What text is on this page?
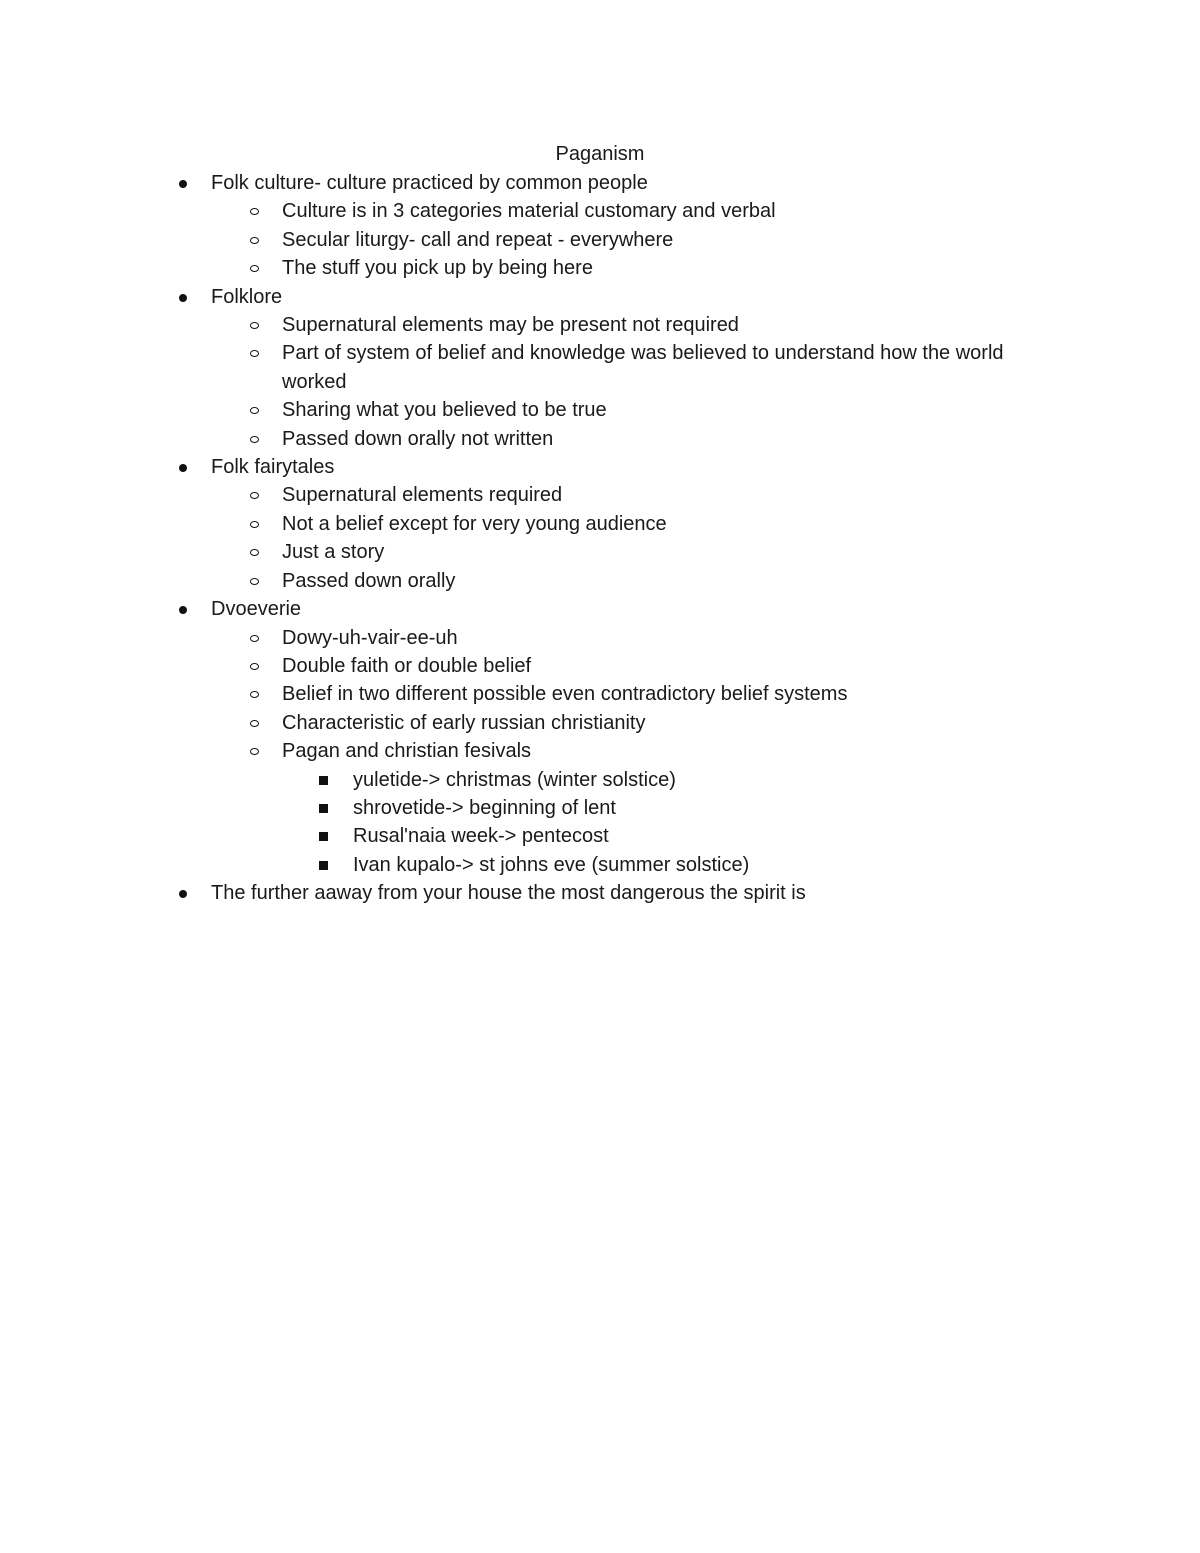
Paganism
Folk culture- culture practiced by common people
Culture is in 3 categories material customary and verbal
Secular liturgy- call and repeat - everywhere
The stuff you pick up by being here
Folklore
Supernatural elements may be present not required
Part of system of belief and knowledge was believed to understand how the world worked
Sharing what you believed to be true
Passed down orally not written
Folk fairytales
Supernatural elements required
Not a belief except for very young audience
Just a story
Passed down orally
Dvoeverie
Dowy-uh-vair-ee-uh
Double faith or double belief
Belief in two different possible even contradictory belief systems
Characteristic of early russian christianity
Pagan and christian fesivals
yuletide-> christmas (winter solstice)
shrovetide-> beginning of lent
Rusal'naia week-> pentecost
Ivan kupalo-> st johns eve (summer solstice)
The further aaway from your house the most dangerous the spirit is
